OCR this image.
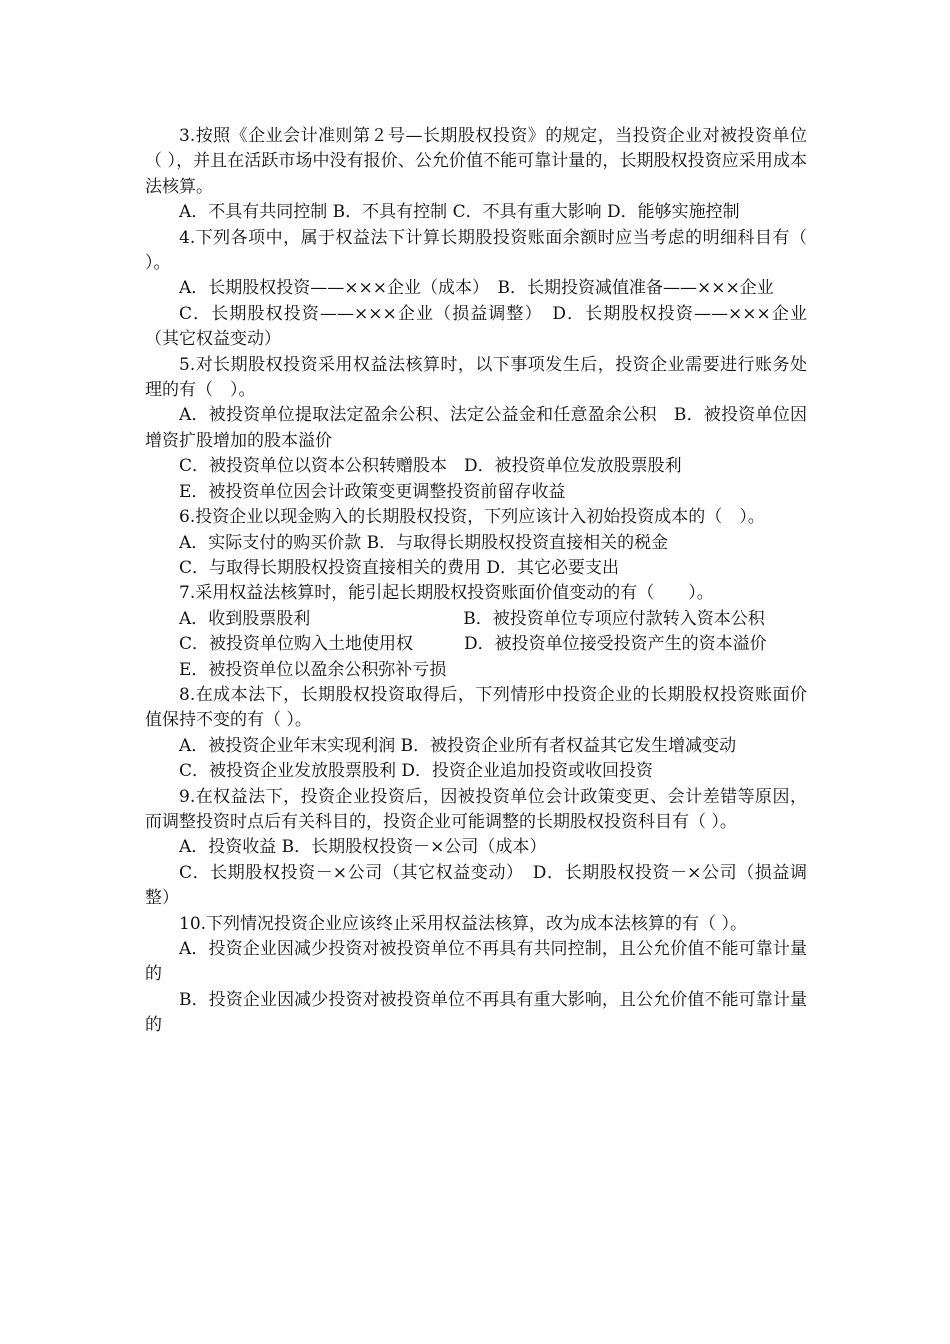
3.按照《企业会计准则第２号—长期股权投资》的规定，当投资企业对被投资单位（ ），并且在活跃市场中没有报价、公允价值不能可靠计量的，长期股权投资应采用成本法核算。

A．不具有共同控制 B．不具有控制 C．不具有重大影响 D．能够实施控制

4.下列各项中，属于权益法下计算长期股投资账面余额时应当考虑的明细科目有（　　）。

A．长期股权投资——×××企业（成本）　B．长期投资减值准备——×××企业

C．长期股权投资——×××企业（损益调整）　D．长期股权投资——×××企业（其它权益变动）

5.对长期股权投资采用权益法核算时，以下事项发生后，投资企业需要进行账务处理的有（　）。

A．被投资单位提取法定盈余公积、法定公益金和任意盈余公积　B．被投资单位因增资扩股增加的股本溢价

C．被投资单位以资本公积转赠股本　D．被投资单位发放股票股利

E．被投资单位因会计政策变更调整投资前留存收益

6.投资企业以现金购入的长期股权投资，下列应该计入初始投资成本的（　）。

A．实际支付的购买价款 B．与取得长期股权投资直接相关的税金

C．与取得长期股权投资直接相关的费用 D．其它必要支出

7.采用权益法核算时，能引起长期股权投资账面价值变动的有（　　）。

A．收到股票股利　　　　　　　　　B．被投资单位专项应付款转入资本公积

C．被投资单位购入土地使用权　　　D．被投资单位接受投资产生的资本溢价

E．被投资单位以盈余公积弥补亏损

8.在成本法下，长期股权投资取得后，下列情形中投资企业的长期股权投资账面价值保持不变的有（ ）。

A．被投资企业年末实现利润 B．被投资企业所有者权益其它发生增减变动

C．被投资企业发放股票股利 D．投资企业追加投资或收回投资

9.在权益法下，投资企业投资后，因被投资单位会计政策变更、会计差错等原因，而调整投资时点后有关科目的，投资企业可能调整的长期股权投资科目有（ ）。

A．投资收益 B．长期股权投资－×公司（成本）

C．长期股权投资－×公司（其它权益变动）　D．长期股权投资－×公司（损益调整）

10.下列情况投资企业应该终止采用权益法核算，改为成本法核算的有（ ）。

A．投资企业因减少投资对被投资单位不再具有共同控制，且公允价值不能可靠计量的

B．投资企业因减少投资对被投资单位不再具有重大影响，且公允价值不能可靠计量的
